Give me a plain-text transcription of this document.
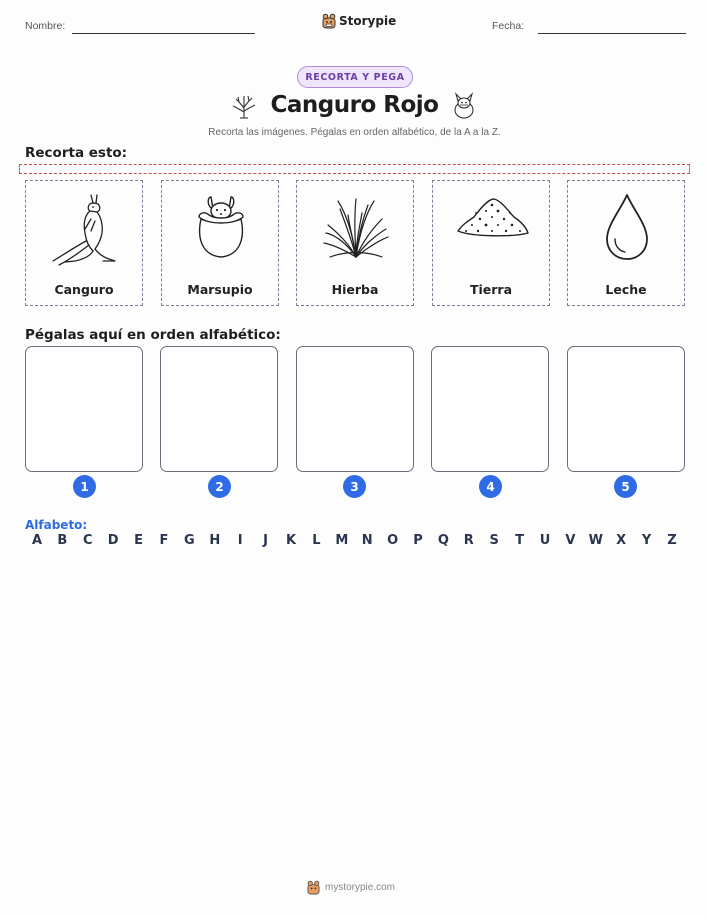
Nombre:	Storypie	Fecha:
RECORTA Y PEGA
Canguro Rojo
Recorta las imágenes. Pégalas en orden alfabético, de la A a la Z.
Recorta esto:
Canguro	Marsupio	Hierba	Tierra	Leche
Pégalas aquí en orden alfabético:
1	2	3	4	5
Alfabeto:
A B C D E F G H I J K L M N O P Q R S T U V W X Y Z
mystorypie.com
